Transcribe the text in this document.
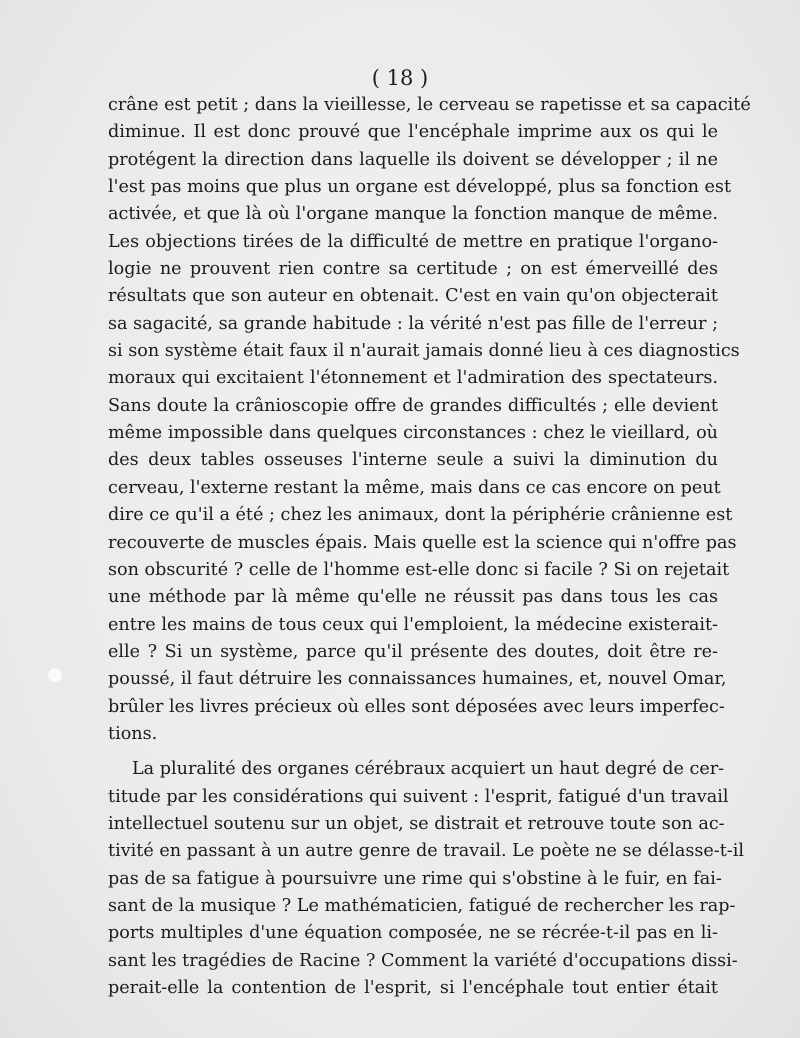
( 18 )
crâne est petit ; dans la vieillesse, le cerveau se rapetisse et sa capacité
diminue. Il est donc prouvé que l'encéphale imprime aux os qui le
protégent la direction dans laquelle ils doivent se développer ; il ne
l'est pas moins que plus un organe est développé, plus sa fonction est
activée, et que là où l'organe manque la fonction manque de même.
Les objections tirées de la difficulté de mettre en pratique l'organo-
logie ne prouvent rien contre sa certitude ; on est émerveillé des
résultats que son auteur en obtenait. C'est en vain qu'on objecterait
sa sagacité, sa grande habitude : la vérité n'est pas fille de l'erreur ;
si son système était faux il n'aurait jamais donné lieu à ces diagnostics
moraux qui excitaient l'étonnement et l'admiration des spectateurs.
Sans doute la crânioscopie offre de grandes difficultés ; elle devient
même impossible dans quelques circonstances : chez le vieillard, où
des deux tables osseuses l'interne seule a suivi la diminution du
cerveau, l'externe restant la même, mais dans ce cas encore on peut
dire ce qu'il a été ; chez les animaux, dont la périphérie crânienne est
recouverte de muscles épais. Mais quelle est la science qui n'offre pas
son obscurité ? celle de l'homme est-elle donc si facile ? Si on rejetait
une méthode par là même qu'elle ne réussit pas dans tous les cas
entre les mains de tous ceux qui l'emploient, la médecine existerait-
elle ? Si un système, parce qu'il présente des doutes, doit être re-
poussé, il faut détruire les connaissances humaines, et, nouvel Omar,
brûler les livres précieux où elles sont déposées avec leurs imperfec-
tions.
La pluralité des organes cérébraux acquiert un haut degré de cer-
titude par les considérations qui suivent : l'esprit, fatigué d'un travail
intellectuel soutenu sur un objet, se distrait et retrouve toute son ac-
tivité en passant à un autre genre de travail. Le poète ne se délasse-t-il
pas de sa fatigue à poursuivre une rime qui s'obstine à le fuir, en fai-
sant de la musique ? Le mathématicien, fatigué de rechercher les rap-
ports multiples d'une équation composée, ne se récrée-t-il pas en li-
sant les tragédies de Racine ? Comment la variété d'occupations dissi-
perait-elle la contention de l'esprit, si l'encéphale tout entier était
